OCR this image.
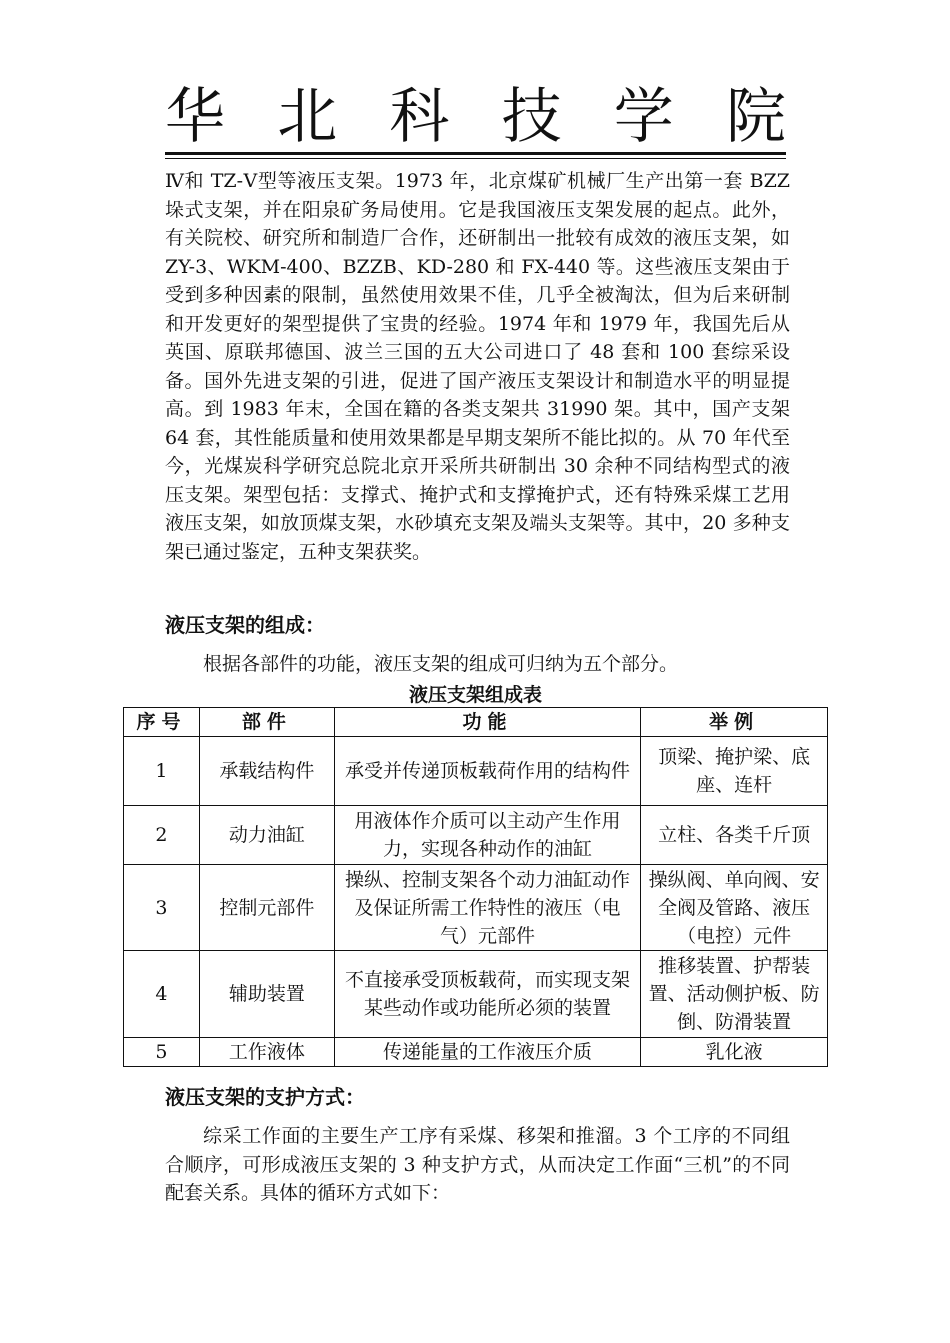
华 北 科 技 学 院

Ⅳ和 TZ-Ⅴ型等液压支架。1973 年，北京煤矿机械厂生产出第一套 BZZ 垛式支架，并在阳泉矿务局使用。它是我国液压支架发展的起点。此外，有关院校、研究所和制造厂合作，还研制出一批较有成效的液压支架，如 ZY-3、WKM-400、BZZB、KD-280 和 FX-440 等。这些液压支架由于受到多种因素的限制，虽然使用效果不佳，几乎全被淘汰，但为后来研制和开发更好的架型提供了宝贵的经验。1974 年和 1979 年，我国先后从英国、原联邦德国、波兰三国的五大公司进口了 48 套和 100 套综采设备。国外先进支架的引进，促进了国产液压支架设计和制造水平的明显提高。到 1983 年末，全国在籍的各类支架共 31990 架。其中，国产支架 64 套，其性能质量和使用效果都是早期支架所不能比拟的。从 70 年代至今，光煤炭科学研究总院北京开采所共研制出 30 余种不同结构型式的液压支架。架型包括：支撑式、掩护式和支撑掩护式，还有特殊采煤工艺用液压支架，如放顶煤支架，水砂填充支架及端头支架等。其中，20 多种支架已通过鉴定，五种支架获奖。

液压支架的组成：

根据各部件的功能，液压支架的组成可归纳为五个部分。

液压支架组成表
序号	部件	功能	举例
1	承载结构件	承受并传递顶板载荷作用的结构件	顶梁、掩护梁、底座、连杆
2	动力油缸	用液体作介质可以主动产生作用力，实现各种动作的油缸	立柱、各类千斤顶
3	控制元部件	操纵、控制支架各个动力油缸动作及保证所需工作特性的液压（电气）元部件	操纵阀、单向阀、安全阀及管路、液压（电控）元件
4	辅助装置	不直接承受顶板载荷，而实现支架某些动作或功能所必须的装置	推移装置、护帮装置、活动侧护板、防倒、防滑装置
5	工作液体	传递能量的工作液压介质	乳化液
液压支架的支护方式：

综采工作面的主要生产工序有采煤、移架和推溜。3 个工序的不同组合顺序，可形成液压支架的 3 种支护方式，从而决定工作面“三机”的不同配套关系。具体的循环方式如下：
